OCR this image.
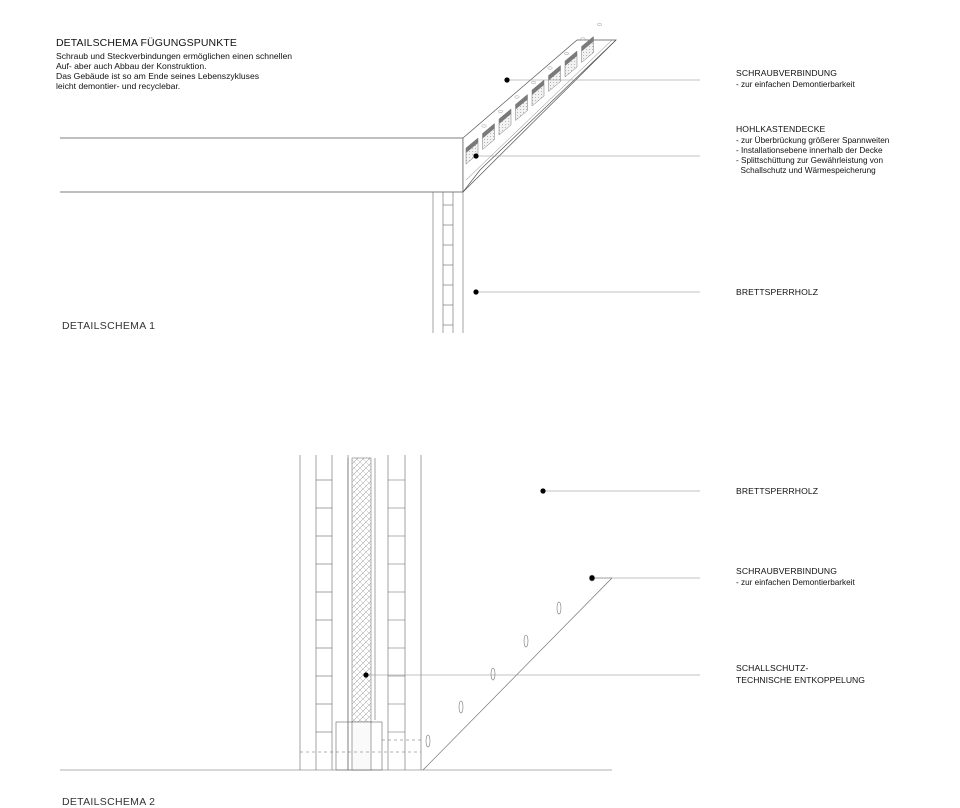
DETAILSCHEMA FÜGUNGSPUNKTE
Schraub und Steckverbindungen ermöglichen einen schnellen
Auf- aber auch Abbau der Konstruktion.
Das Gebäude ist so am Ende seines Lebenszykluses
leicht demontier- und recyclebar.
SCHRAUBVERBINDUNG
- zur einfachen Demontierbarkeit
HOHLKASTENDECKE
- zur Überbrückung größerer Spannweiten
- Installationsebene innerhalb der Decke
- Splittschüttung zur Gewährleistung von
Schallschutz und Wärmespeicherung
BRETTSPERRHOLZ
DETAILSCHEMA 1
BRETTSPERRHOLZ
SCHRAUBVERBINDUNG
- zur einfachen Demontierbarkeit
SCHALLSCHUTZ-
TECHNISCHE ENTKOPPELUNG
DETAILSCHEMA 2
